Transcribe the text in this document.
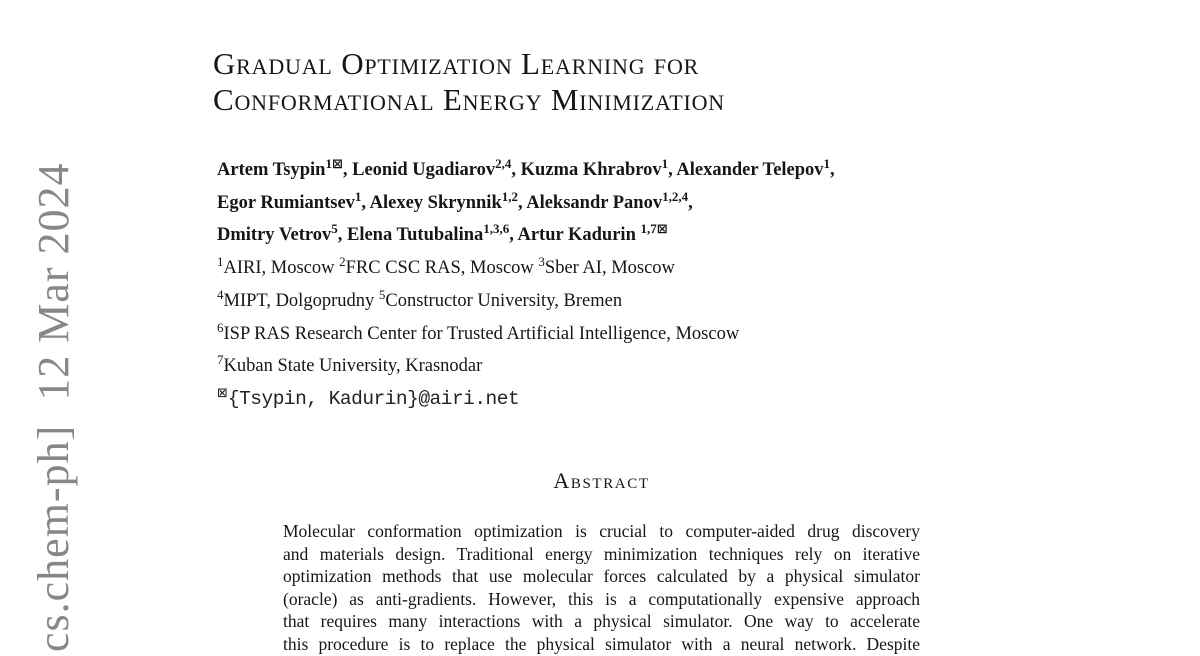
cs.chem-ph]  12 Mar 2024
Gradual Optimization Learning for
Conformational Energy Minimization
Artem Tsypin$^{1⊠}$, Leonid Ugadiarov$^{2,4}$, Kuzma Khrabrov$^1$, Alexander Telepov$^1$,
Egor Rumiantsev$^1$, Alexey Skrynnik$^{1,2}$, Aleksandr Panov$^{1,2,4}$,
Dmitry Vetrov$^5$, Elena Tutubalina$^{1,3,6}$, Artur Kadurin $^{1,7⊠}$
$^1$AIRI, Moscow $^2$FRC CSC RAS, Moscow $^3$Sber AI, Moscow
$^4$MIPT, Dolgoprudny $^5$Constructor University, Bremen
$^6$ISP RAS Research Center for Trusted Artificial Intelligence, Moscow
$^7$Kuban State University, Krasnodar
⊠{Tsypin, Kadurin}@airi.net
Abstract
Molecular conformation optimization is crucial to computer-aided drug discovery
and materials design. Traditional energy minimization techniques rely on iterative
optimization methods that use molecular forces calculated by a physical simulator
(oracle) as anti-gradients. However, this is a computationally expensive approach
that requires many interactions with a physical simulator. One way to accelerate
this procedure is to replace the physical simulator with a neural network. Despite
